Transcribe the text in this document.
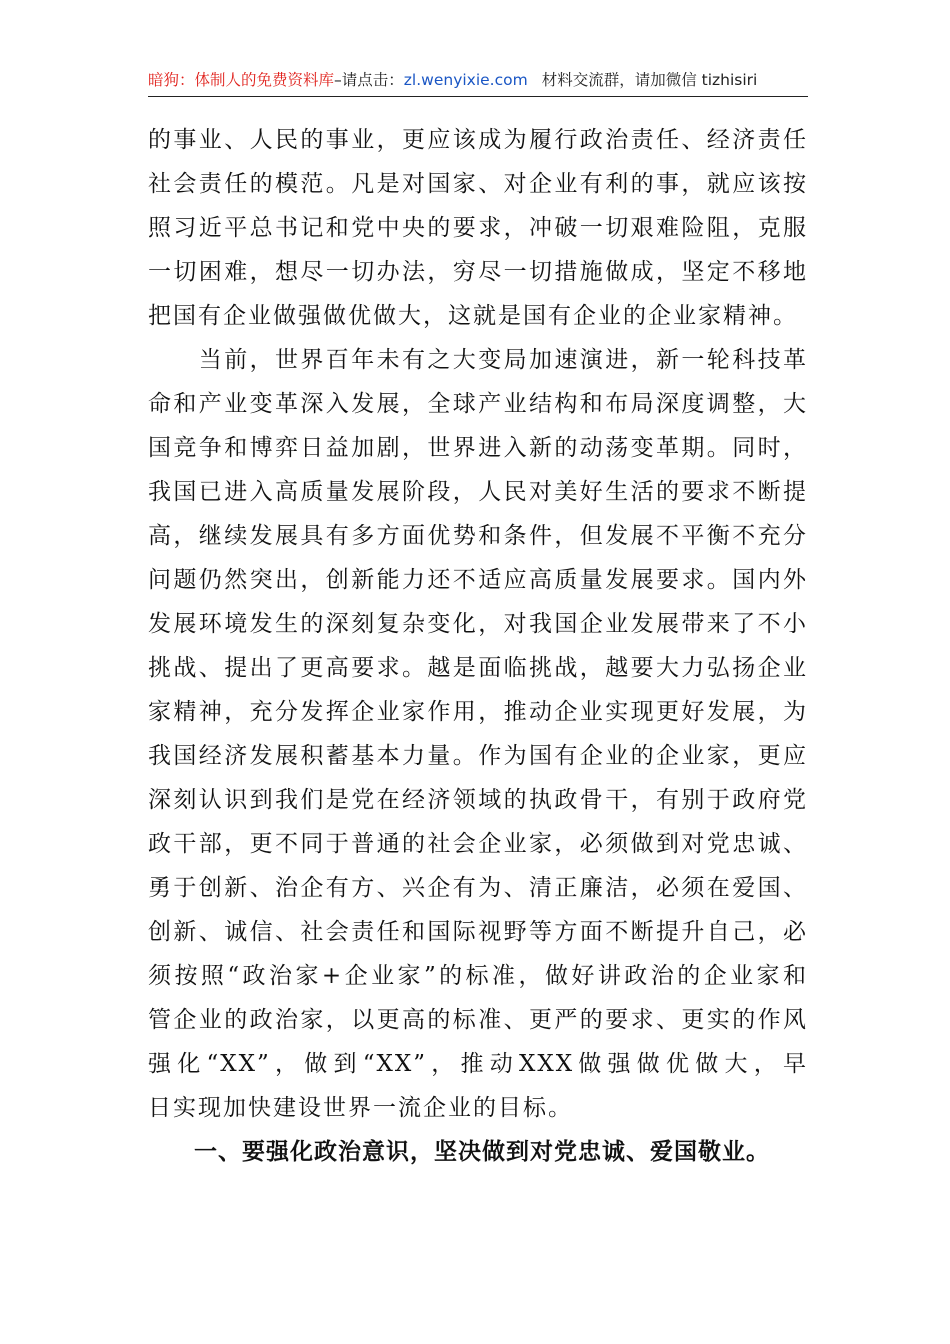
暗狗：体制人的免费资料库–请点击：zl.wenyixie.com 材料交流群，请加微信 tizhisiri
的事业、人民的事业，更应该成为履行政治责任、经济责任
社会责任的模范。凡是对国家、对企业有利的事，就应该按
照习近平总书记和党中央的要求，冲破一切艰难险阻，克服
一切困难，想尽一切办法，穷尽一切措施做成，坚定不移地
把国有企业做强做优做大，这就是国有企业的企业家精神。
　　当前，世界百年未有之大变局加速演进，新一轮科技革
命和产业变革深入发展，全球产业结构和布局深度调整，大
国竞争和博弈日益加剧，世界进入新的动荡变革期。同时，
我国已进入高质量发展阶段，人民对美好生活的要求不断提
高，继续发展具有多方面优势和条件，但发展不平衡不充分
问题仍然突出，创新能力还不适应高质量发展要求。国内外
发展环境发生的深刻复杂变化，对我国企业发展带来了不小
挑战、提出了更高要求。越是面临挑战，越要大力弘扬企业
家精神，充分发挥企业家作用，推动企业实现更好发展，为
我国经济发展积蓄基本力量。作为国有企业的企业家，更应
深刻认识到我们是党在经济领域的执政骨干，有别于政府党
政干部，更不同于普通的社会企业家，必须做到对党忠诚、
勇于创新、治企有方、兴企有为、清正廉洁，必须在爱国、
创新、诚信、社会责任和国际视野等方面不断提升自己，必
须按照“政治家+企业家”的标准，做好讲政治的企业家和
管企业的政治家，以更高的标准、更严的要求、更实的作风
强化“XX”，做到“XX”，推动XXX做强做优做大，早
日实现加快建设世界一流企业的目标。
一、要强化政治意识，坚决做到对党忠诚、爱国敬业。
